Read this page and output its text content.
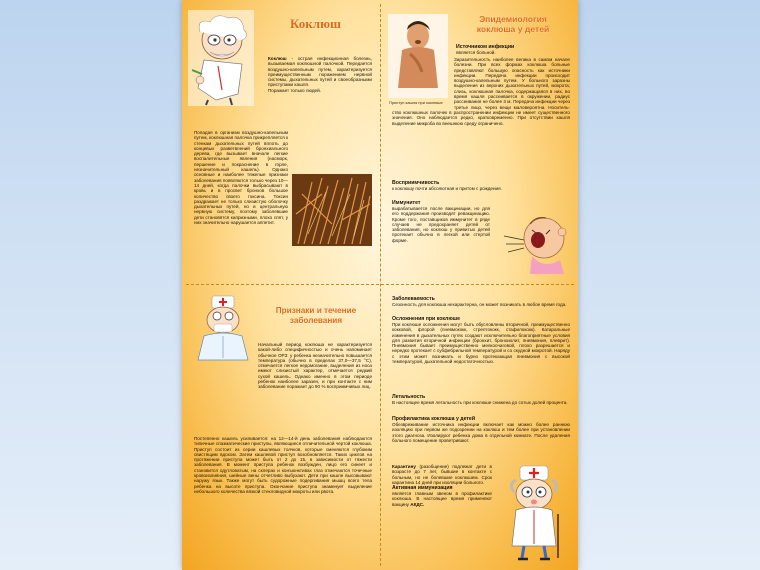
Коклюш
Коклюш - острая инфекционная болезнь, вызываемая коклюшной палочкой. Передается воздушно-капельным путем, характеризуется преимущественным поражением нервной системы, дыхательных путей и своеобразными приступами кашля.
Поражает только людей.
Попадая в организм воздушно-капельным путем, коклюшная палочка прикрепляется к стенкам дыхательных путей вплоть до концевых разветвлений бронхиального дерева, где вызывает вначале легкие воспалительные явления (насморк, першение и покраснение в горле, незначительный кашель). Однако основные и наиболее тяжелые признаки заболевания появляются только через 10—14 дней, когда палочки выбрасывают в кровь и в просвет бронхов большое количество своего токсина. Токсин раздражает не только слизистую оболочку дыхательных путей, но и центральную нервную систему, поэтому заболевшие дети становятся капризными, плохо спят, у них значительно нарушается аппетит.
Приступ кашля при коклюше
Эпидемиология
коклюша у детей
Источником инфекции
является больной.
Заразительность наиболее велика в самом начале болезни. При всех формах коклюша больные представляют большую опасность как источники инфекции. Передача инфекции происходит воздушно-капельным путем. У больного заразны выделения из верхних дыхательных путей, мокрота; слизь, коклюшная палочка, содержащаяся в них, во время кашля рассеивается в окружении, радиус рассеивания не более 3 м. Передача инфекции через третье лицо, через вещи маловероятна. Носитель- ство коклюшных палочек в распространении инфекции не имеет существенного значения. Оно наблюдается редко, кратковременно. При отсутствии кашля выделение микроба во внешнюю среду ограничено.
Восприимчивость
к коклюшу почти абсолютная и притом с рождения.
Иммунитет
вырабатывается после вакцинации, но для его поддержания производят ревакцинацию. Кроме того, поставщиков иммунитет в ряде случаев не предохраняет детей от заболевания, но коклюш у привитых детей протекает обычно в легкой или стертой форме.
Признаки и течение
заболевания
Начальный период коклюша не характеризуется какой-либо специфичностью и очень напоминает обычное ОРЗ: у ребенка незначительно повышается температура (обычно в пределах 37,0—37,5 °С), отмечается легкое недомогание, выделения из носа имеют слизистый характер, отмечается редкий сухой кашель. Однако именно в этом периоде ребенок наиболее заразен, и при контакте с ним заболевание поражает до 90 % восприимчивых лиц.
Постепенно кашель усиливается: на 12—14-й день заболевания наблюдаются типичные спазматические приступы, являющиеся отличительной чертой коклюша. Приступ состоит из серии кашлевых толчков, которые сменяются глубоким свистящим вдохом. Затем кашлевой приступ возобновляется. Таких циклов на протяжении приступа может быть от 2 до 15, в зависимости от тяжести заболевания. В момент приступа ребенок возбужден, лицо его синеет и становится одутловатым, на склерах и конъюнктивах глаз отмечаются точечные кровоизлияния, шейные вены отчетливо выбухают. Дети при кашле высовывают наружу язык. Также могут быть судорожные подергивания мышц всего тела ребенка на высоте приступа. Окончание приступа знаменует выделение небольшого количества вязкой стекловидной мокроты или рвота.
Заболеваемость
Сезонность для коклюша нехарактерна, он может возникать в любое время года.
Осложнения при коклюше
При коклюше осложнения могут быть обусловлены вторичной, преимущественно кокковой, флорой (пневмококк, стрептококк, стафилококк). Катаральные изменения в дыхательных путях создают исключительно благоприятные условия для развития вторичной инфекции (бронхит, бронхиолит, пневмония, плеврит). Пневмония бывает преимущественно мелкоочаговой, плохо разрешается и нередко протекает с субфебрильной температурой и со скудной мокротой. Наряду с этим может возникать и бурно протекающая пневмония с высокой температурой, дыхательной недостаточностью.
Летальность
В настоящее время летальность при коклюше снижена до сотых долей процента.
Профилактика коклюша у детей
Обезвреживание источника инфекции включает как можно более раннюю изоляцию при первом же подозрении на коклюш и тем более при установлении этого диагноза. Изолируют ребенка дома в отдельной комнате. После удаления больного помещение проветривают.
Карантину (разобщение) подлежат дети в возрасте до 7 лет, бывшие в контакте с больным, но не болевшие коклюшем. Срок карантина 14 дней при изоляции больного.
Активная иммунизация
является главным звеном в профилактике коклюша. В настоящее время применяют вакцину АКДС.
